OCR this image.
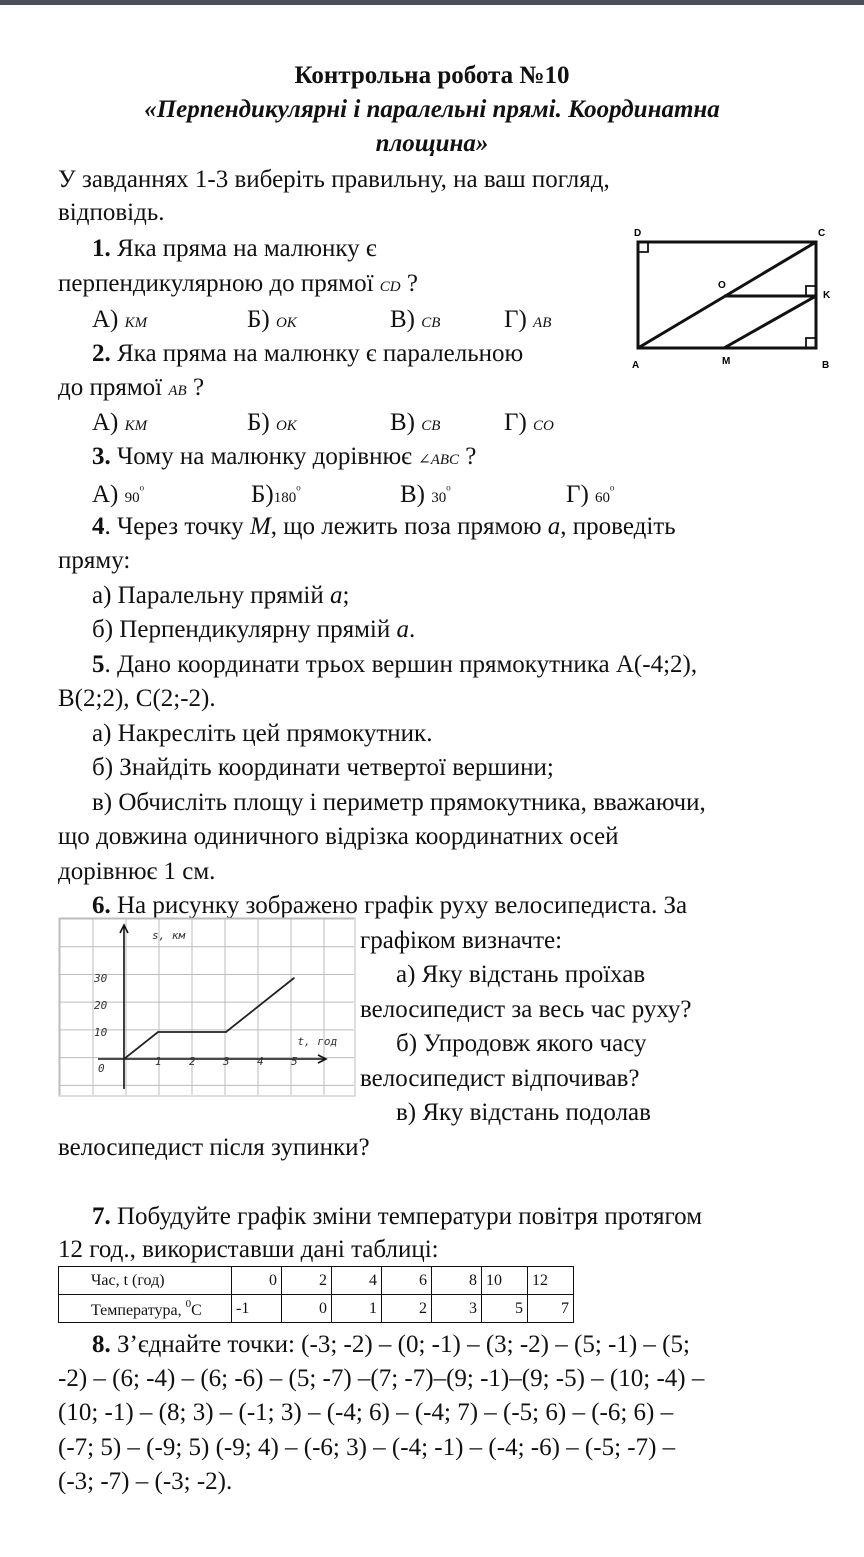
Контрольна робота №10
«Перпендикулярні і паралельні прямі. Координатна
площина»
У завданнях 1-3 виберіть правильну, на ваш погляд,
відповідь.
D	C
O
K
A	M	B
1. Яка пряма на малюнку є
перпендикулярною до прямої CD ?
А) KM	Б) OK	В) CB	Г) AB
2. Яка пряма на малюнку є паралельною
до прямої AB ?
А) KM	Б) OK	В) CB	Г) CO
3. Чому на малюнку дорівнює ∠ABC ?
А) $90^{^0}$	$Б)180^{^0}$	В) $30^{^0}$	Г) $60^{^0}$
4. Через точку M, що лежить поза прямою a, проведіть
пряму:
а) Паралельну прямій a;
б) Перпендикулярну прямій a.
5. Дано координати трьох вершин прямокутника А(-4;2),
В(2;2), С(2;-2).
а) Накресліть цей прямокутник.
б) Знайдіть координати четвертої вершини;
в) Обчисліть площу і периметр прямокутника, вважаючи,
що довжина одиничного відрізка координатних осей
дорівнює 1 см.
6. На рисунку зображено графік руху велосипедиста. За
1 2 3 4 5
10
20
30
s, км
t, год
0
графіком визначте:
а) Яку відстань проїхав
велосипедист за весь час руху?
б) Упродовж якого часу
велосипедист відпочивав?
в) Яку відстань подолав
велосипедист після зупинки?
7. Побудуйте графік зміни температури повітря протягом
12 год., використавши дані таблиці:
Час, t (год)	0	2	4	6	8	10	12
Температура, $^0$С	-1	0	1	2	3	5	7
8. З’єднайте точки: (-3; -2) – (0; -1) – (3; -2) – (5; -1) – (5;
-2) – (6; -4) – (6; -6) – (5; -7) –(7; -7)–(9; -1)–(9; -5) – (10; -4) –
(10; -1) – (8; 3) – (-1; 3) – (-4; 6) – (-4; 7) – (-5; 6) – (-6; 6) –
(-7; 5) – (-9; 5) (-9; 4) – (-6; 3) – (-4; -1) – (-4; -6) – (-5; -7) –
(-3; -7) – (-3; -2).
